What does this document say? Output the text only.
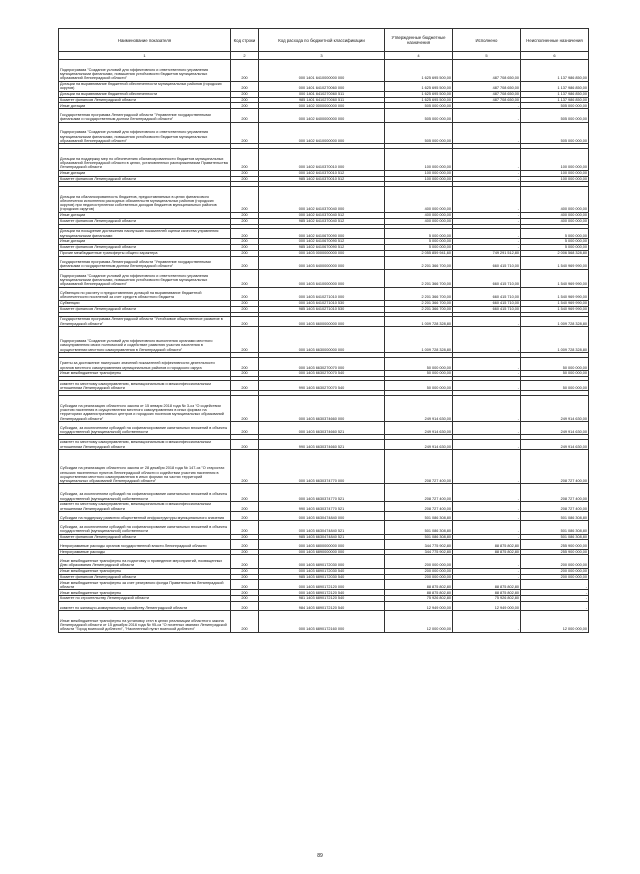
Наименование показателя	Код строки	Код расхода по бюджетной классификации	Утвержденные бюджетные назначения	Исполнено	Неисполненные назначения
1	2	3	4	5	6
Подпрограмма "Создание условий для эффективного и ответственного управления муниципальными финансами, повышения устойчивости бюджетов муниципальных образований Ленинградской области"	200	000 1401 6410000000 000	1 625 695 500,00	487 708 650,00	1 137 986 850,00
Дотации на выравнивание бюджетной обеспеченности муниципальных районов (городских округов)	200	000 1401 6410270060 000	1 625 695 500,00	487 708 650,00	1 137 986 850,00
Дотации на выравнивание бюджетной обеспеченности	200	000 1401 6410270060 511	1 625 695 500,00	487 708 650,00	1 137 986 850,00
Комитет финансов Ленинградской области	200	985 1401 6410270060 511	1 625 695 500,00	487 708 650,00	1 137 986 850,00
Иные дотации	200	000 1402 0000000000 000	505 000 000,00	-	505 000 000,00
Государственная программа Ленинградской области "Управление государственными финансами и государственным долгом Ленинградской области"	200	000 1402 6400000000 000	505 000 000,00	-	505 000 000,00
Подпрограмма "Создание условий для эффективного и ответственного управления муниципальными финансами, повышения устойчивости бюджетов муниципальных образований Ленинградской области"	200	000 1402 6410000000 000	505 000 000,00	-	505 000 000,00

Дотации на поддержку мер по обеспечению сбалансированности бюджетов муниципальных образований Ленинградской области в целях, установленных распоряжениями Правительства Ленинградской области	200	000 1402 6410370010 000	100 000 000,00	-	100 000 000,00
Иные дотации	200	000 1402 6410370010 512	100 000 000,00	-	100 000 000,00
Комитет финансов Ленинградской области	200	985 1402 6410370010 512	100 000 000,00	-	100 000 000,00

Дотации на сбалансированность бюджетов, предоставляемых в целях финансового обеспечения исполнения расходных обязательств муниципальных районов (городских округов) при недопоступлении собственных доходов бюджетов муниципальных районов (городских округов)	200	000 1402 6410370040 000	400 000 000,00	-	400 000 000,00
Иные дотации	200	000 1402 6410370040 512	400 000 000,00	-	400 000 000,00
Комитет финансов Ленинградской области	200	985 1402 6410370040 512	400 000 000,00	-	400 000 000,00

Дотации на поощрение достижения наилучших показателей оценки качества управления муниципальными финансами	200	000 1402 6410670090 000	5 000 000,00	-	5 000 000,00
Иные дотации	200	000 1402 6410670090 512	5 000 000,00	-	5 000 000,00
Комитет финансов Ленинградской области	200	985 1402 6410670090 512	5 000 000,00	-	5 000 000,00
Прочие межбюджетные трансферты общего характера	200	000 1403 0000000000 000	2 055 859 941,60	749 291 512,80	2 006 568 328,80
Государственная программа Ленинградской области "Управление государственными финансами и государственным долгом Ленинградской области"	200	000 1403 6400000000 000	2 201 366 700,00	660 415 710,00	1 540 969 990,00
Подпрограмма "Создание условий для эффективного и ответственного управления муниципальными финансами, повышения устойчивости бюджетов муниципальных образований Ленинградской области"	200	000 1403 6410000000 000	2 201 366 700,00	660 415 710,00	1 540 969 990,00
Субвенция по расчету и предоставлению дотаций на выравнивание бюджетной обеспеченности поселений за счет средств областного бюджета	200	000 1403 6410271010 000	2 201 366 700,00	660 415 710,00	1 540 969 990,00
Субвенции	200	000 1403 6410271010 530	2 201 366 700,00	660 415 710,00	1 540 969 990,00
Комитет финансов Ленинградской области	200	985 1403 6410271010 530	2 201 366 700,00	660 415 710,00	1 540 969 990,00

Государственная программа Ленинградской области "Устойчивое общественное развитие в Ленинградской области"	200	000 1403 6600000000 000	1 009 728 328,80	-	1 009 728 328,80
Подпрограмма "Создание условий для эффективного выполнения органами местного самоуправления своих полномочий и содействие развитию участия населения в осуществлении местного самоуправления в Ленинградской области"	200	000 1403 6630000000 000	1 009 728 328,80	-	1 009 728 328,80

Гранты за достижение наилучших значений показателей эффективности деятельности органов местного самоуправления муниципальных районов и городского округа	200	000 1403 6630270070 000	50 000 000,00	-	50 000 000,00
Иные межбюджетные трансферты	200	000 1403 6630270070 540	50 000 000,00	-	50 000 000,00

комитет по местному самоуправлению, межнациональным и межконфессиональным отношениям Ленинградской области	200	990 1403 6630270070 540	50 000 000,00	-	50 000 000,00

Субсидии на реализацию областного закона от 15 января 2018 года № 3-оз "О содействии участию населения в осуществлении местного самоуправления в иных формах на территориях административных центров и городских поселков муниципальных образований Ленинградской области"	200	000 1403 6630374660 000	249 914 630,00	-	249 914 630,00
Субсидии, за исключением субсидий на софинансирование капитальных вложений в объекты государственной (муниципальной) собственности	200	000 1403 6630374660 521	249 914 630,00	-	249 914 630,00

комитет по местному самоуправлению, межнациональным и межконфессиональным отношениям Ленинградской области	200	990 1403 6630374660 521	249 914 630,00	-	249 914 630,00
Субсидии на реализацию областного закона от 28 декабря 2018 года № 147-оз "О старостах сельских населенных пунктов Ленинградской области и содействии участию населения в осуществлении местного самоуправления в иных формах на частях территорий муниципальных образований Ленинградской области"	200	000 1403 6630374770 000	208 727 400,00	-	208 727 400,00
Субсидии, за исключением субсидий на софинансирование капитальных вложений в объекты государственной (муниципальной) собственности	200	000 1403 6630374770 521	208 727 400,00	-	208 727 400,00
комитет по местному самоуправлению, межнациональным и межконфессиональным отношениям Ленинградской области	200	990 1403 6630374770 521	208 727 400,00	-	208 727 400,00
Субсидии на поддержку развития общественной инфраструктуры муниципального значения	200	000 1403 6630474840 000	501 086 308,80	-	501 086 308,80
Субсидии, за исключением субсидий на софинансирование капитальных вложений в объекты государственной (муниципальной) собственности	200	000 1403 6630474840 521	501 086 308,80	-	501 086 308,80
Комитет финансов Ленинградской области	200	985 1403 6630474840 521	501 086 308,80	-	501 086 308,80
Непрограммные расходы органов государственной власти Ленинградской области	200	000 1403 6800000000 000	344 775 902,80	88 875 802,80	255 900 000,00
Непрограммные расходы	200	000 1403 6890000000 000	344 775 902,80	88 875 802,80	255 900 000,00
Иные межбюджетные трансферты на подготовку и проведение мероприятий, посвященных Дню образования Ленинградской области	200	000 1403 6890172030 000	200 000 000,00	-	200 000 000,00
Иные межбюджетные трансферты	200	000 1403 6890172030 540	200 000 000,00	-	200 000 000,00
Комитет финансов Ленинградской области	200	985 1403 6890172030 540	200 000 000,00	-	200 000 000,00
Иные межбюджетные трансферты за счет резервного фонда Правительства Ленинградской области	200	000 1403 6890172120 000	88 875 802,80	88 875 802,80	-
Иные межбюджетные трансферты	200	000 1403 6890172120 540	88 875 802,80	88 875 802,80	-
Комитет по строительству Ленинградской области	200	981 1403 6890172120 540	75 926 802,80	75 926 802,80	-
комитет по жилищно-коммунальному хозяйству Ленинградской области	200	984 1403 6890172120 540	12 949 000,00	12 949 000,00	-
Иные межбюджетные трансферты на установку стел в целях реализации областного закона Ленинградской области от 15 декабря 2016 года № 95-оз "О почетных званиях Ленинградской области "Город воинской доблести", "Населенный пункт воинской доблести"	200	000 1403 6890172160 000	12 000 000,00	-	12 000 000,00
89
